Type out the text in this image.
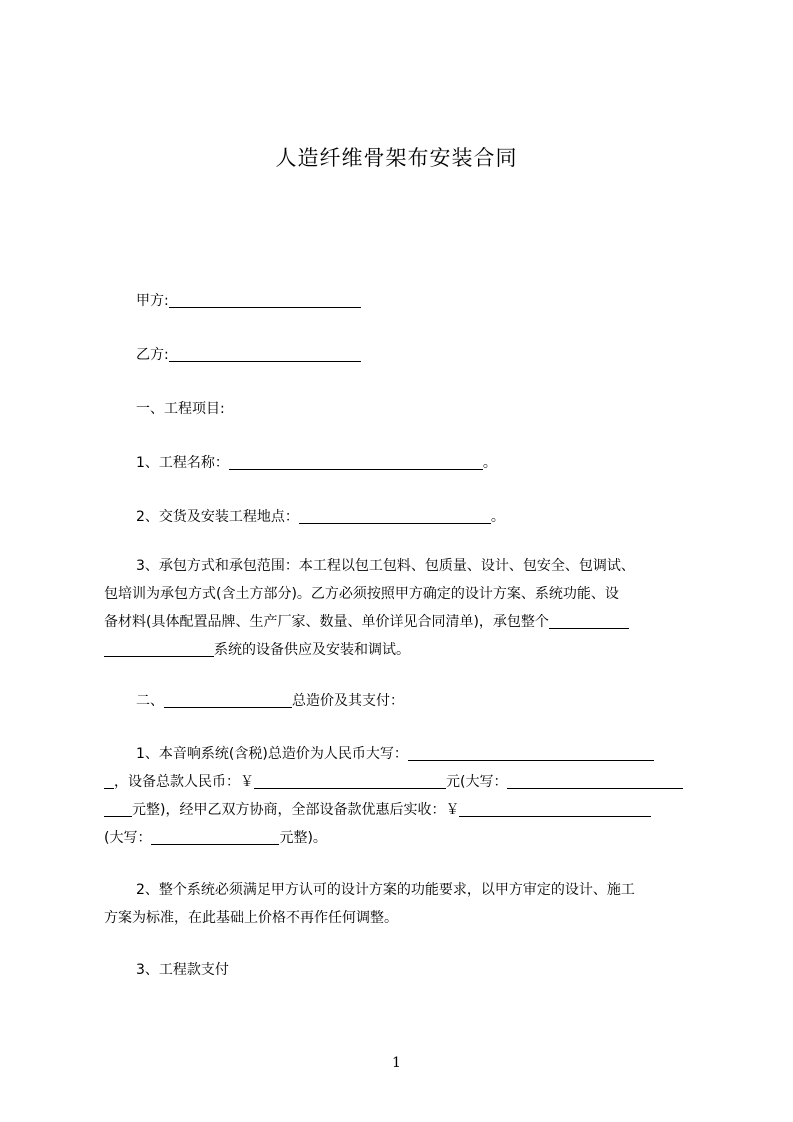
人造纤维骨架布安装合同
甲方:
乙方:
一、工程项目:
1、工程名称：	。
2、交货及安装工程地点：	。
3、承包方式和承包范围：本工程以包工包料、包质量、设计、包安全、包调试、
包培训为承包方式(含土方部分)。乙方必须按照甲方确定的设计方案、系统功能、设
备材料(具体配置品牌、生产厂家、数量、单价详见合同清单)，承包整个
系统的设备供应及安装和调试。
二、	总造价及其支付：
1、本音响系统(含税)总造价为人民币大写：
，设备总款人民币：￥	元(大写：
元整)，经甲乙双方协商，全部设备款优惠后实收：￥
(大写：	元整)。
2、整个系统必须满足甲方认可的设计方案的功能要求，以甲方审定的设计、施工
方案为标准，在此基础上价格不再作任何调整。
3、工程款支付
1
